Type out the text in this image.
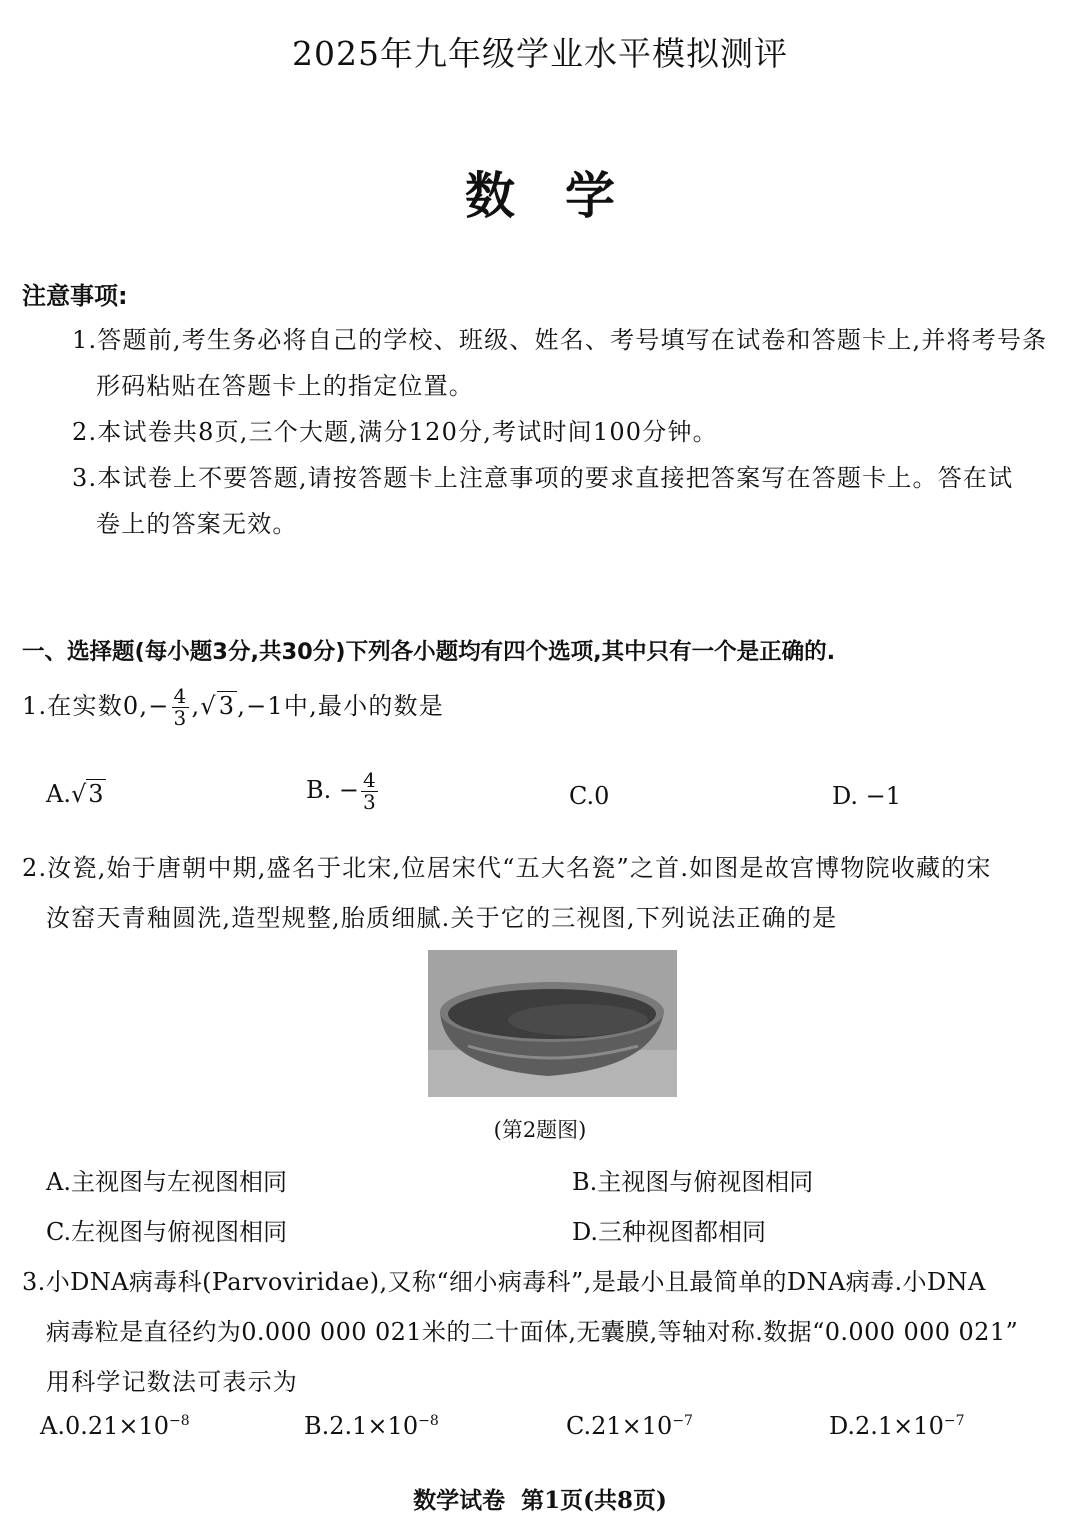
2025年九年级学业水平模拟测评
数学
注意事项:
1.答题前,考生务必将自己的学校、班级、姓名、考号填写在试卷和答题卡上,并将考号条
形码粘贴在答题卡上的指定位置。
2.本试卷共8页,三个大题,满分120分,考试时间100分钟。
3.本试卷上不要答题,请按答题卡上注意事项的要求直接把答案写在答题卡上。答在试
卷上的答案无效。
一、选择题(每小题3分,共30分)下列各小题均有四个选项,其中只有一个是正确的.
1.在实数$0,- \frac{4}{3} ,√3,-1$中,最小的数是
A.√3	B. − $\frac{4}{3}$	C.0	D. −1
2.汝瓷,始于唐朝中期,盛名于北宋,位居宋代“五大名瓷”之首.如图是故宫博物院收藏的宋
汝窑天青釉圆洗,造型规整,胎质细腻.关于它的三视图,下列说法正确的是
(第2题图)
A.主视图与左视图相同	B.主视图与俯视图相同
C.左视图与俯视图相同	D.三种视图都相同
3.小DNA病毒科(Parvoviridae),又称“细小病毒科”,是最小且最简单的DNA病毒.小DNA
病毒粒是直径约为0.000 000 021米的二十面体,无囊膜,等轴对称.数据“0.000 000 021”
用科学记数法可表示为
$A.0.21\times 10^{-8}$	$B.2.1\times 10^{-8}$	$C.21\times 10^{-7}$	$D.2.1\times 10^{-7}$
数学试卷  第1页(共8页)
